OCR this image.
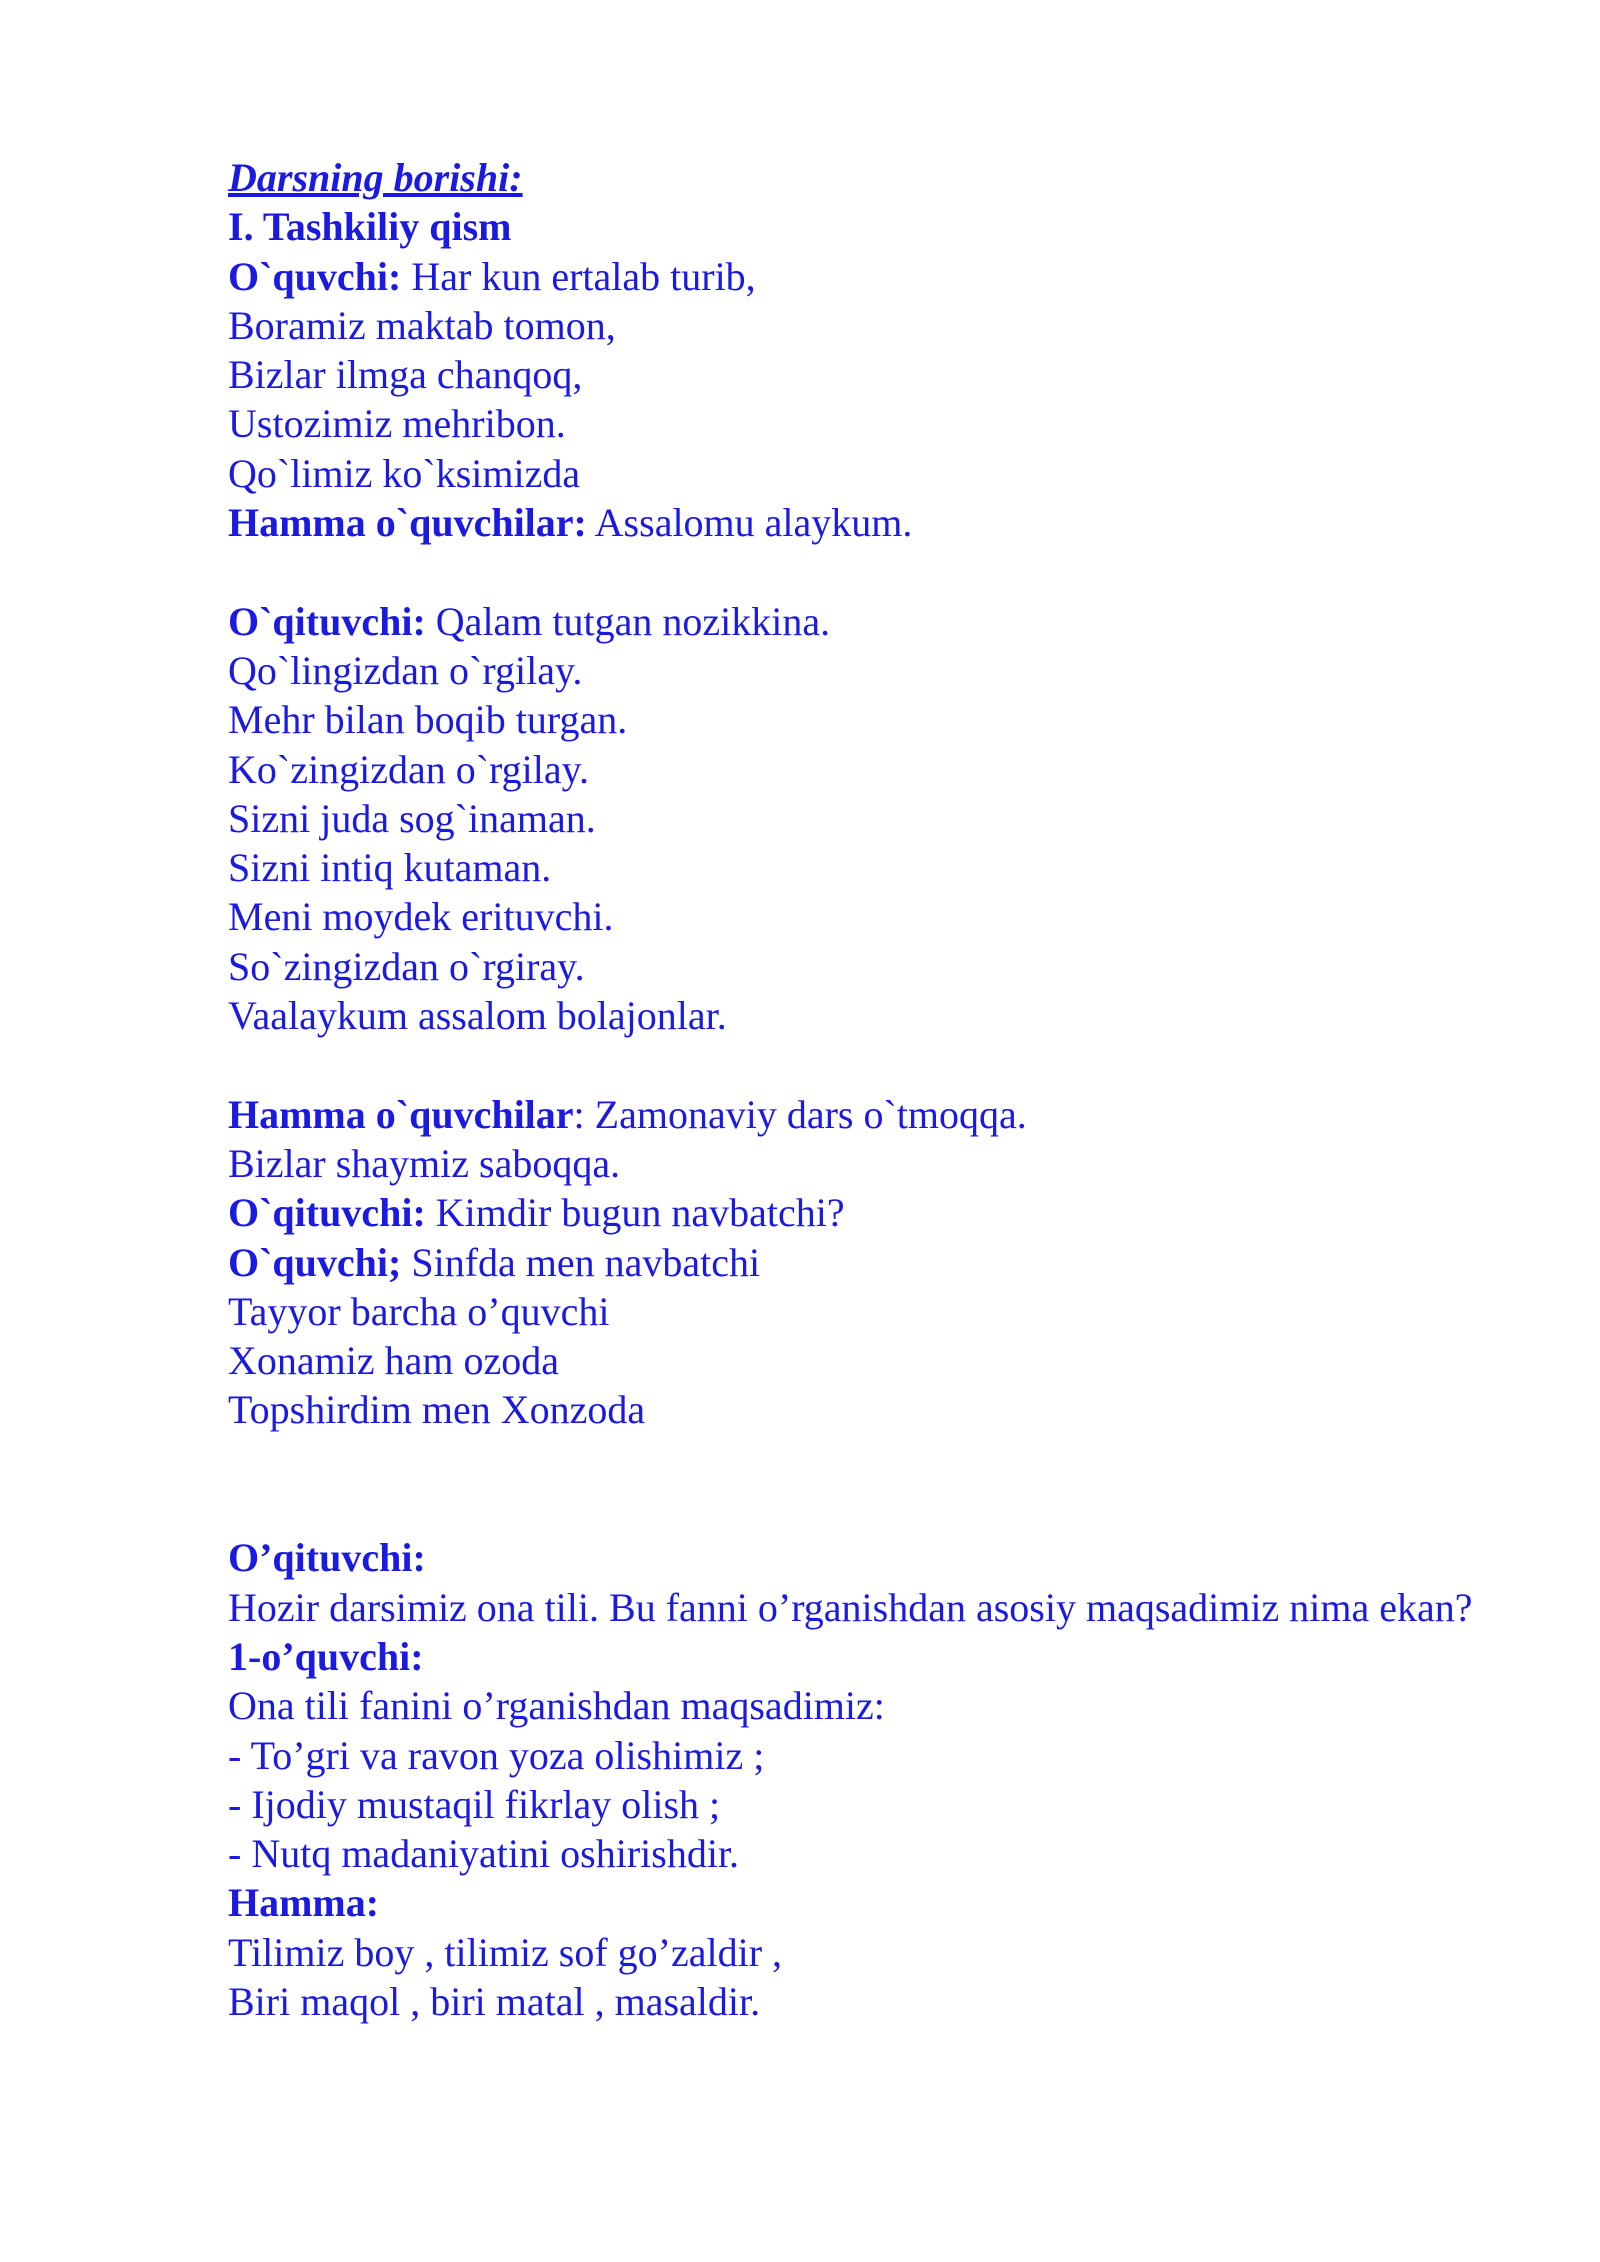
Darsning borishi:
I. Tashkiliy qism
O`quvchi: Har kun ertalab turib,
Boramiz maktab tomon,
Bizlar ilmga chanqoq,
Ustozimiz mehribon.
Qo`limiz ko`ksimizda
Hamma o`quvchilar: Assalomu alaykum.
O`qituvchi: Qalam tutgan nozikkina.
Qo`lingizdan o`rgilay.
Mehr bilan boqib turgan.
Ko`zingizdan o`rgilay.
Sizni juda sog`inaman.
Sizni intiq kutaman.
Meni moydek erituvchi.
So`zingizdan o`rgiray.
Vaalaykum assalom bolajonlar.
Hamma o`quvchilar: Zamonaviy dars o`tmoqqa.
Bizlar shaymiz saboqqa.
O`qituvchi: Kimdir bugun navbatchi?
O`quvchi; Sinfda men navbatchi
Tayyor barcha o’quvchi
Xonamiz ham ozoda
Topshirdim men Xonzoda
O’qituvchi:
Hozir darsimiz ona tili. Bu fanni o’rganishdan asosiy maqsadimiz nima ekan?
1-o’quvchi:
Ona tili fanini o’rganishdan maqsadimiz:
- To’gri va ravon yoza olishimiz ;
- Ijodiy mustaqil fikrlay olish ;
- Nutq madaniyatini oshirishdir.
Hamma:
Tilimiz boy , tilimiz sof go’zaldir ,
Biri maqol , biri matal , masaldir.
